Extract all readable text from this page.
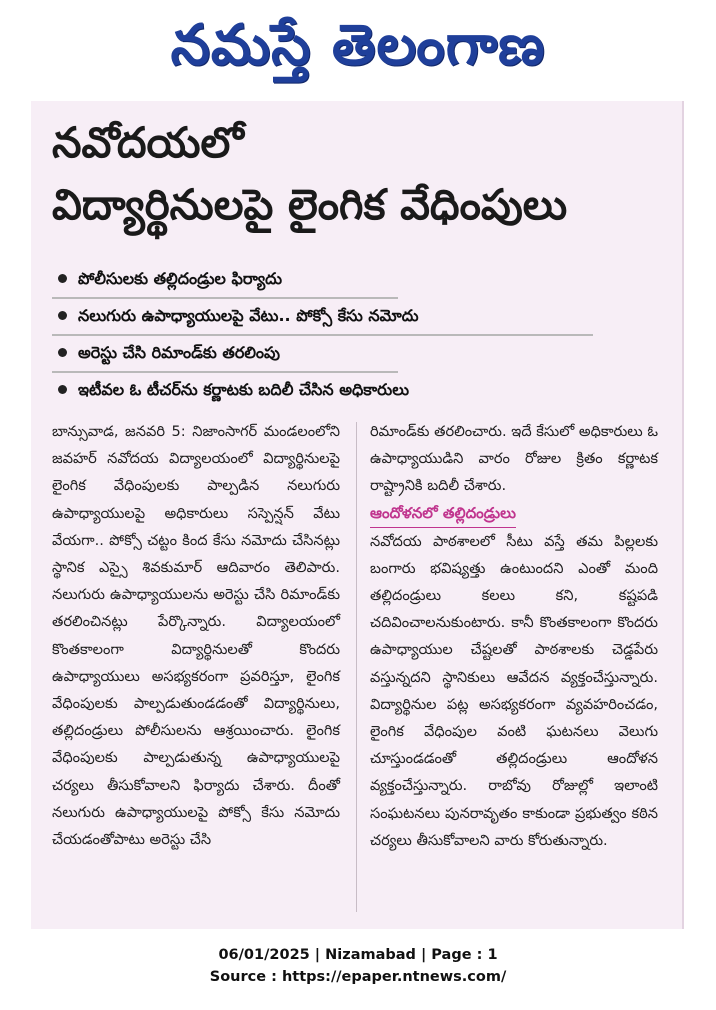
నమస్తే తెలంగాణ
నవోదయలో
విద్యార్థినులపై లైంగిక వేధింపులు
పోలీసులకు తల్లిదండ్రుల ఫిర్యాదు
నలుగురు ఉపాధ్యాయులపై వేటు.. పోక్సో కేసు నమోదు
అరెస్టు చేసి రిమాండ్‌కు తరలింపు
ఇటీవల ఓ టీచర్‌ను కర్ణాటకు బదిలీ చేసిన అధికారులు

బాన్సువాడ, జనవరి 5: నిజాంసాగర్ మండలంలోని జవహర్ నవోదయ విద్యాలయంలో విద్యార్థినులపై లైంగిక వేధింపులకు పాల్పడిన నలుగురు ఉపాధ్యాయులపై అధికారులు సస్పెన్షన్ వేటు వేయగా.. పోక్సో చట్టం కింద కేసు నమోదు చేసినట్లు స్థానిక ఎస్సై శివకుమార్ ఆదివారం తెలిపారు. నలుగురు ఉపాధ్యాయులను అరెస్టు చేసి రిమాండ్‌కు తరలించినట్లు పేర్కొన్నారు. విద్యాలయంలో కొంతకాలంగా విద్యార్థినులతో కొందరు ఉపాధ్యాయులు అసభ్యకరంగా ప్రవరిస్తూ, లైంగిక వేధింపులకు పాల్పడుతుండడంతో విద్యార్థినులు, తల్లిదండ్రులు పోలీసులను ఆశ్రయించారు. లైంగిక వేధింపులకు పాల్పడుతున్న ఉపాధ్యాయులపై చర్యలు తీసుకోవాలని ఫిర్యాదు చేశారు. దీంతో నలుగురు ఉపాధ్యాయులపై పోక్సో కేసు నమోదు చేయడంతోపాటు అరెస్టు చేసి

రిమాండ్‌కు తరలించారు. ఇదే కేసులో అధికారులు ఓ ఉపాధ్యాయుడిని వారం రోజుల క్రితం కర్ణాటక రాష్ట్రానికి బదిలీ చేశారు.

ఆందోళనలో తల్లిదండ్రులు

నవోదయ పాఠశాలలో సీటు వస్తే తమ పిల్లలకు బంగారు భవిష్యత్తు ఉంటుందని ఎంతో మంది తల్లిదండ్రులు కలలు కని, కష్టపడి చదివించాలనుకుంటారు. కానీ కొంతకాలంగా కొందరు ఉపాధ్యాయుల చేష్టలతో పాఠశాలకు చెడ్డపేరు వస్తున్నదని స్థానికులు ఆవేదన వ్యక్తంచేస్తున్నారు. విద్యార్థినుల పట్ల అసభ్యకరంగా వ్యవహరించడం, లైంగిక వేధింపుల వంటి ఘటనలు వెలుగు చూస్తుండడంతో తల్లిదండ్రులు ఆందోళన వ్యక్తంచేస్తున్నారు. రాబోవు రోజుల్లో ఇలాంటి సంఘటనలు పునరావృతం కాకుండా ప్రభుత్వం కఠిన చర్యలు తీసుకోవాలని వారు కోరుతున్నారు.

06/01/2025 | Nizamabad | Page : 1
Source : https://epaper.ntnews.com/
